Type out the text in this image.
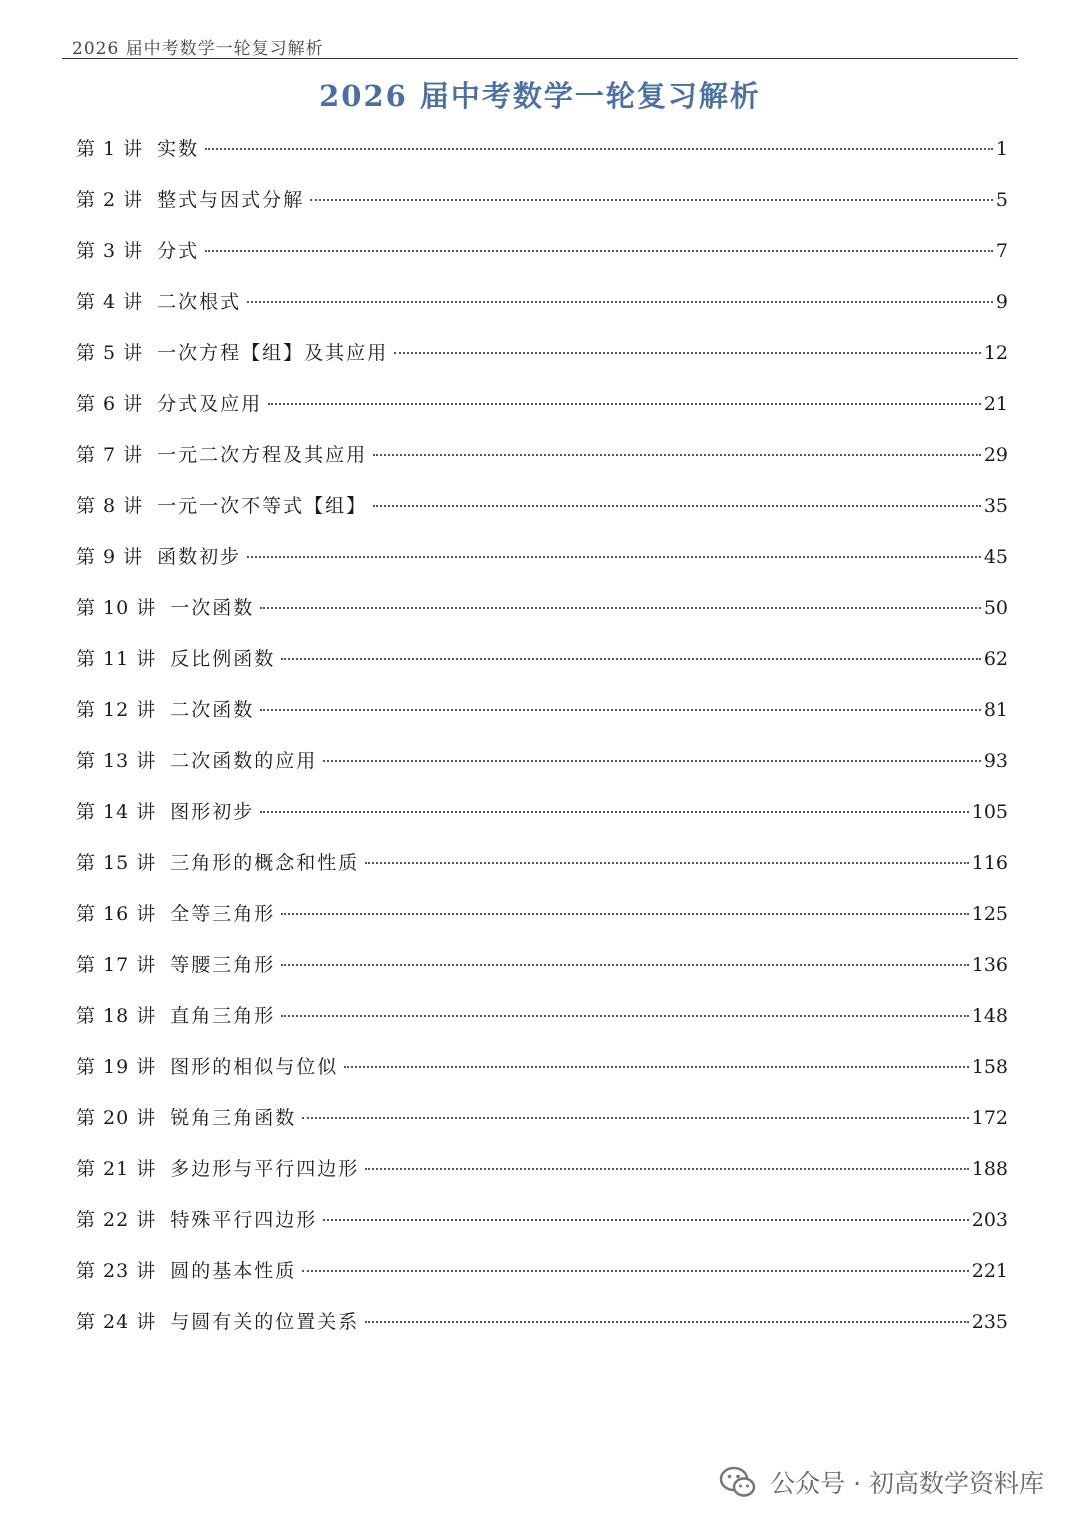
2026 届中考数学一轮复习解析
2026 届中考数学一轮复习解析
第 1 讲 实数	1
第 2 讲 整式与因式分解	5
第 3 讲 分式	7
第 4 讲 二次根式	9
第 5 讲 一次方程【组】及其应用	12
第 6 讲 分式及应用	21
第 7 讲 一元二次方程及其应用	29
第 8 讲 一元一次不等式【组】	35
第 9 讲 函数初步	45
第 10 讲 一次函数	50
第 11 讲 反比例函数	62
第 12 讲 二次函数	81
第 13 讲 二次函数的应用	93
第 14 讲 图形初步	105
第 15 讲 三角形的概念和性质	116
第 16 讲 全等三角形	125
第 17 讲 等腰三角形	136
第 18 讲 直角三角形	148
第 19 讲 图形的相似与位似	158
第 20 讲 锐角三角函数	172
第 21 讲 多边形与平行四边形	188
第 22 讲 特殊平行四边形	203
第 23 讲 圆的基本性质	221
第 24 讲 与圆有关的位置关系	235
公众号 · 初高数学资料库
